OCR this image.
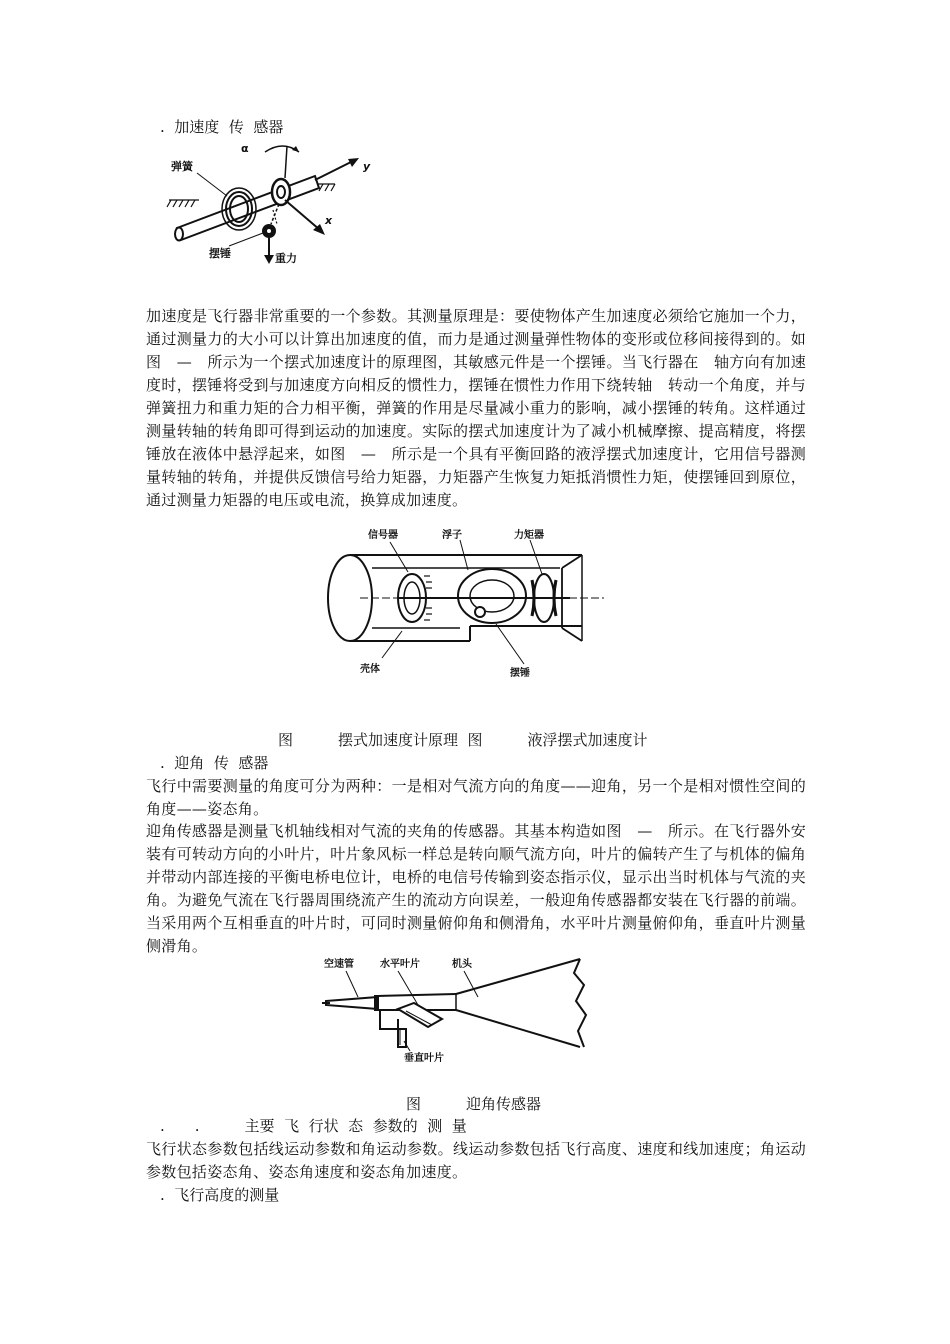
.  加速度  传  感器
弹簧
α
y
x
摆锤	重力

加速度是飞行器非常重要的一个参数。其测量原理是：要使物体产生加速度必须给它施加一个力，通过测量力的大小可以计算出加速度的值，而力是通过测量弹性物体的变形或位移间接得到的。如图　—　所示为一个摆式加速度计的原理图，其敏感元件是一个摆锤。当飞行器在　轴方向有加速度时，摆锤将受到与加速度方向相反的惯性力，摆锤在惯性力作用下绕转轴　转动一个角度，并与弹簧扭力和重力矩的合力相平衡，弹簧的作用是尽量减小重力的影响，减小摆锤的转角。这样通过测量转轴的转角即可得到运动的加速度。实际的摆式加速度计为了减小机械摩擦、提高精度，将摆锤放在液体中悬浮起来，如图　—　所示是一个具有平衡回路的液浮摆式加速度计，它用信号器测量转轴的转角，并提供反馈信号给力矩器，力矩器产生恢复力矩抵消惯性力矩，使摆锤回到原位，通过测量力矩器的电压或电流，换算成加速度。

信号器	浮子	力矩器
壳体	摆锤
图　　　摆式加速度计原理  图　　　液浮摆式加速度计
.  迎角  传  感器

飞行中需要测量的角度可分为两种：一是相对气流方向的角度——迎角，另一个是相对惯性空间的角度——姿态角。

迎角传感器是测量飞机轴线相对气流的夹角的传感器。其基本构造如图　—　所示。在飞行器外安装有可转动方向的小叶片，叶片象风标一样总是转向顺气流方向，叶片的偏转产生了与机体的偏角并带动内部连接的平衡电桥电位计，电桥的电信号传输到姿态指示仪，显示出当时机体与气流的夹角。为避免气流在飞行器周围绕流产生的流动方向误差，一般迎角传感器都安装在飞行器的前端。当采用两个互相垂直的叶片时，可同时测量俯仰角和侧滑角，水平叶片测量俯仰角，垂直叶片测量侧滑角。

空速管	水平叶片	机头
垂直叶片
图　　　迎角传感器
.　　.　　　主要  飞  行状  态  参数的  测  量

飞行状态参数包括线运动参数和角运动参数。线运动参数包括飞行高度、速度和线加速度；角运动参数包括姿态角、姿态角速度和姿态角加速度。

.  飞行高度的测量
